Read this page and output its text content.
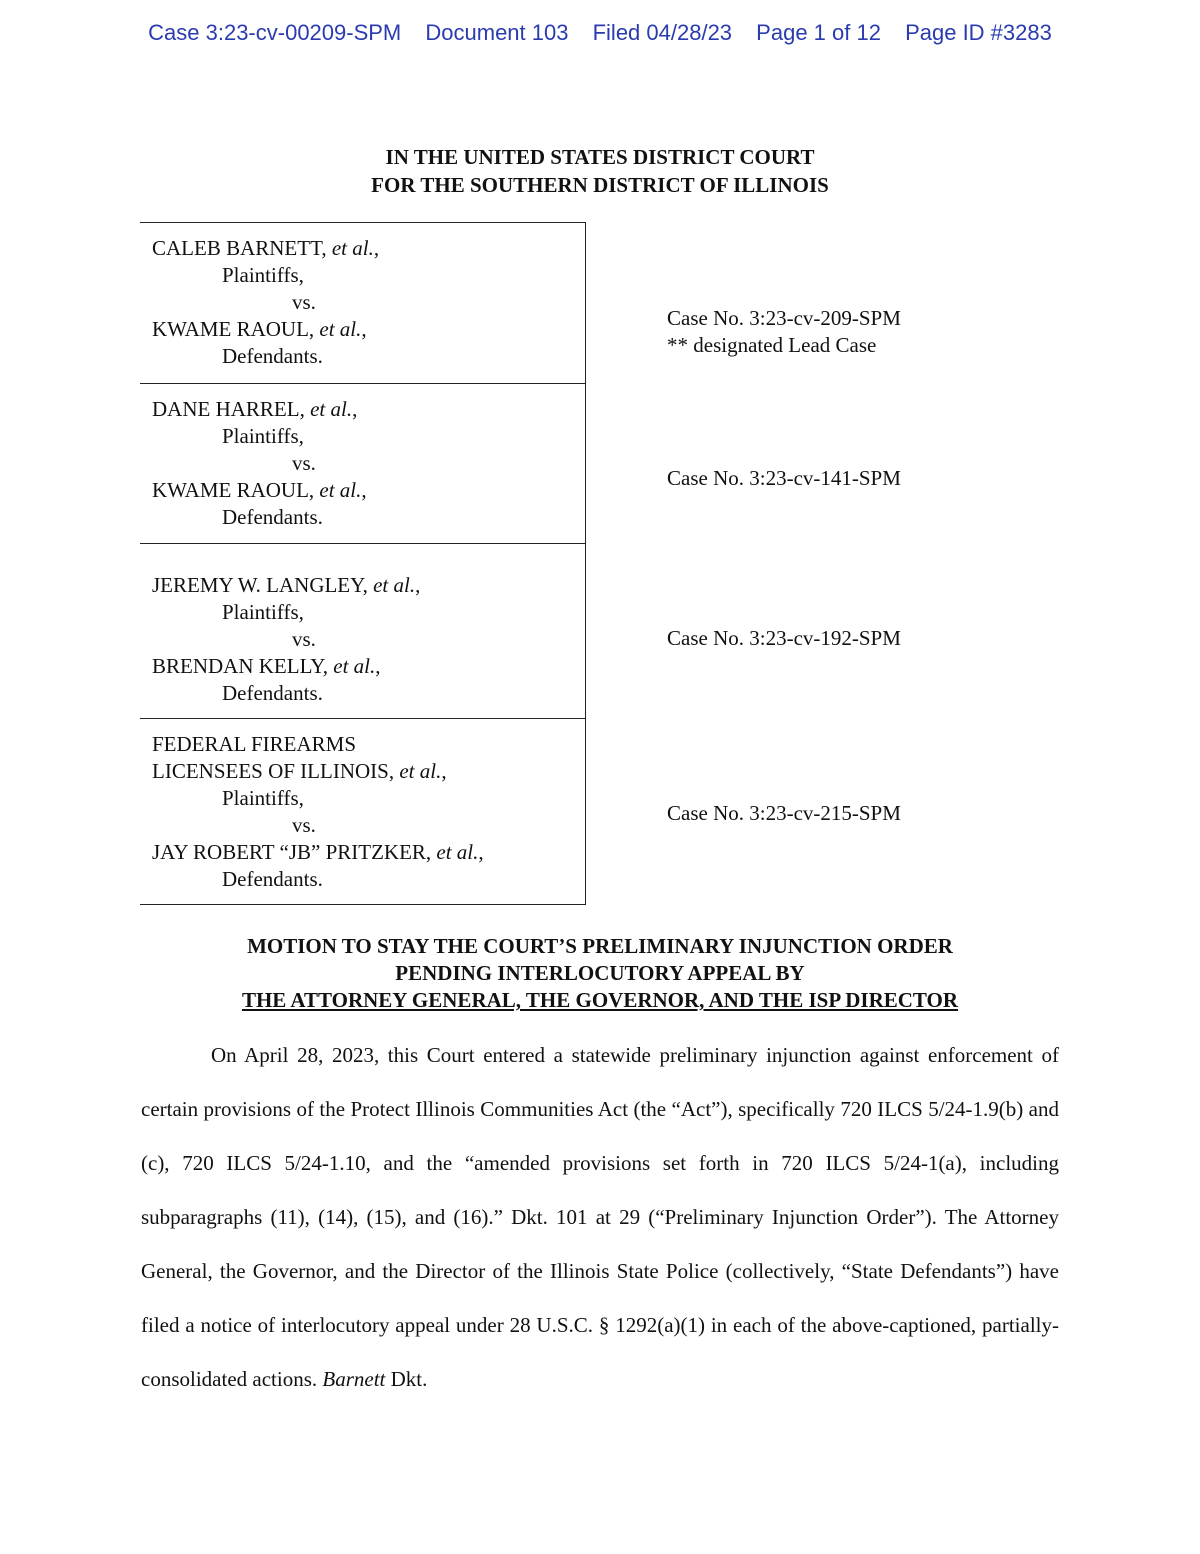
Case 3:23-cv-00209-SPM Document 103 Filed 04/28/23 Page 1 of 12 Page ID #3283
IN THE UNITED STATES DISTRICT COURT
FOR THE SOUTHERN DISTRICT OF ILLINOIS
CALEB BARNETT, et al.,
Plaintiffs,
vs.
KWAME RAOUL, et al.,
Defendants.
DANE HARREL, et al.,
Plaintiffs,
vs.
KWAME RAOUL, et al.,
Defendants.
JEREMY W. LANGLEY, et al.,
Plaintiffs,
vs.
BRENDAN KELLY, et al.,
Defendants.
FEDERAL FIREARMS
LICENSEES OF ILLINOIS, et al.,
Plaintiffs,
vs.
JAY ROBERT “JB” PRITZKER, et al.,
Defendants.
Case No. 3:23-cv-209-SPM
** designated Lead Case
Case No. 3:23-cv-141-SPM
Case No. 3:23-cv-192-SPM
Case No. 3:23-cv-215-SPM
MOTION TO STAY THE COURT’S PRELIMINARY INJUNCTION ORDER
PENDING INTERLOCUTORY APPEAL BY
THE ATTORNEY GENERAL, THE GOVERNOR, AND THE ISP DIRECTOR

On April 28, 2023, this Court entered a statewide preliminary injunction against enforcement of certain provisions of the Protect Illinois Communities Act (the “Act”), specifically 720 ILCS 5/24-1.9(b) and (c), 720 ILCS 5/24-1.10, and the “amended provisions set forth in 720 ILCS 5/24-1(a), including subparagraphs (11), (14), (15), and (16).” Dkt. 101 at 29 (“Preliminary Injunction Order”). The Attorney General, the Governor, and the Director of the Illinois State Police (collectively, “State Defendants”) have filed a notice of interlocutory appeal under 28 U.S.C. § 1292(a)(1) in each of the above-captioned, partially-consolidated actions. Barnett Dkt.
